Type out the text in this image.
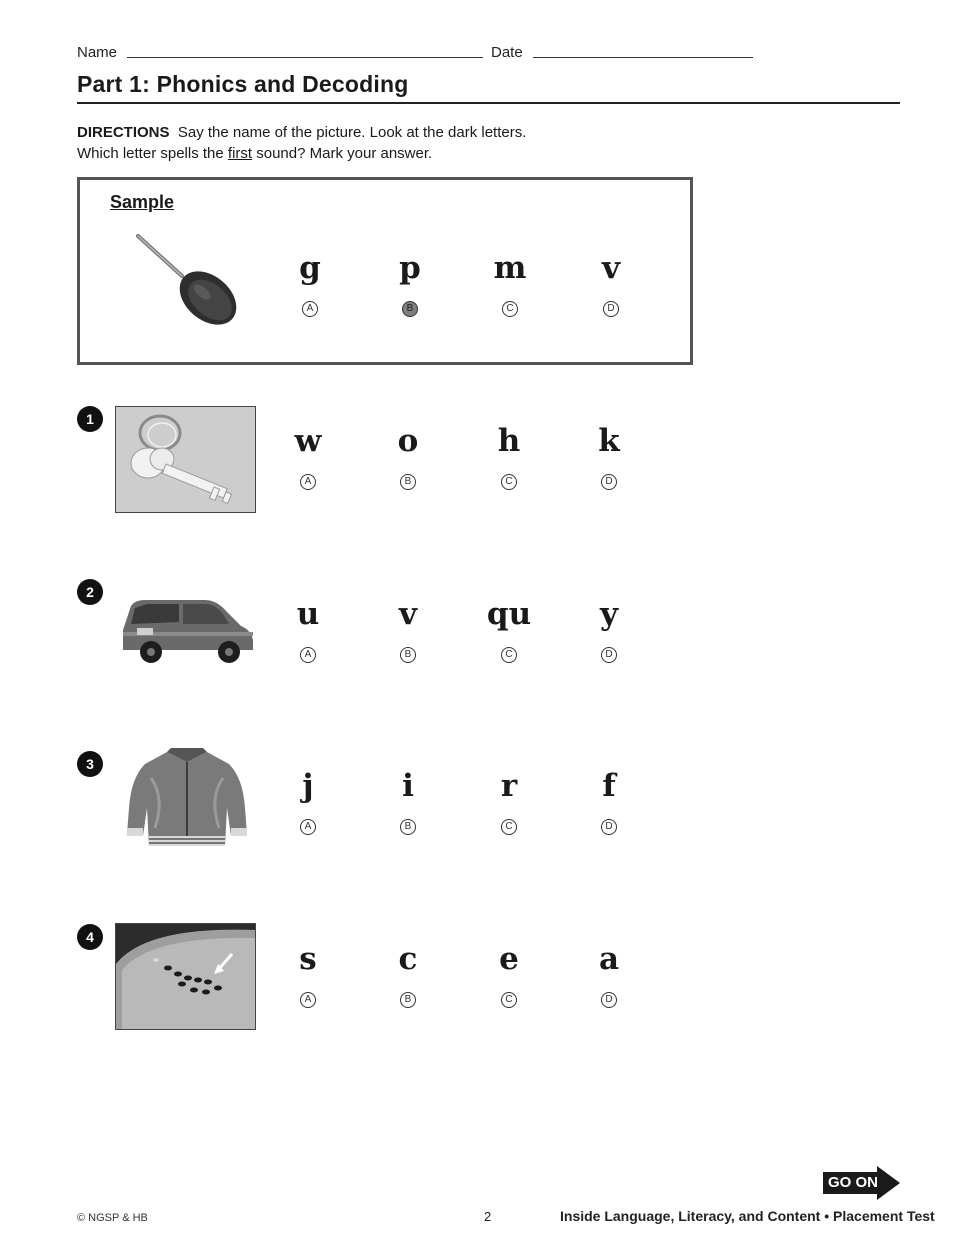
Name	Date
Part 1: Phonics and Decoding
DIRECTIONS Say the name of the picture. Look at the dark letters.
Which letter spells the first sound? Mark your answer.
Sample
g	p	m	v
A	B	C	D
1
w	o	h	k
A	B	C	D
2
u	v	qu	y
A	B	C	D
3
j	i	r	f
A	B	C	D
4
s	c	e	a
A	B	C	D
GO ON
© NGSP & HB	2	Inside Language, Literacy, and Content • Placement Test
